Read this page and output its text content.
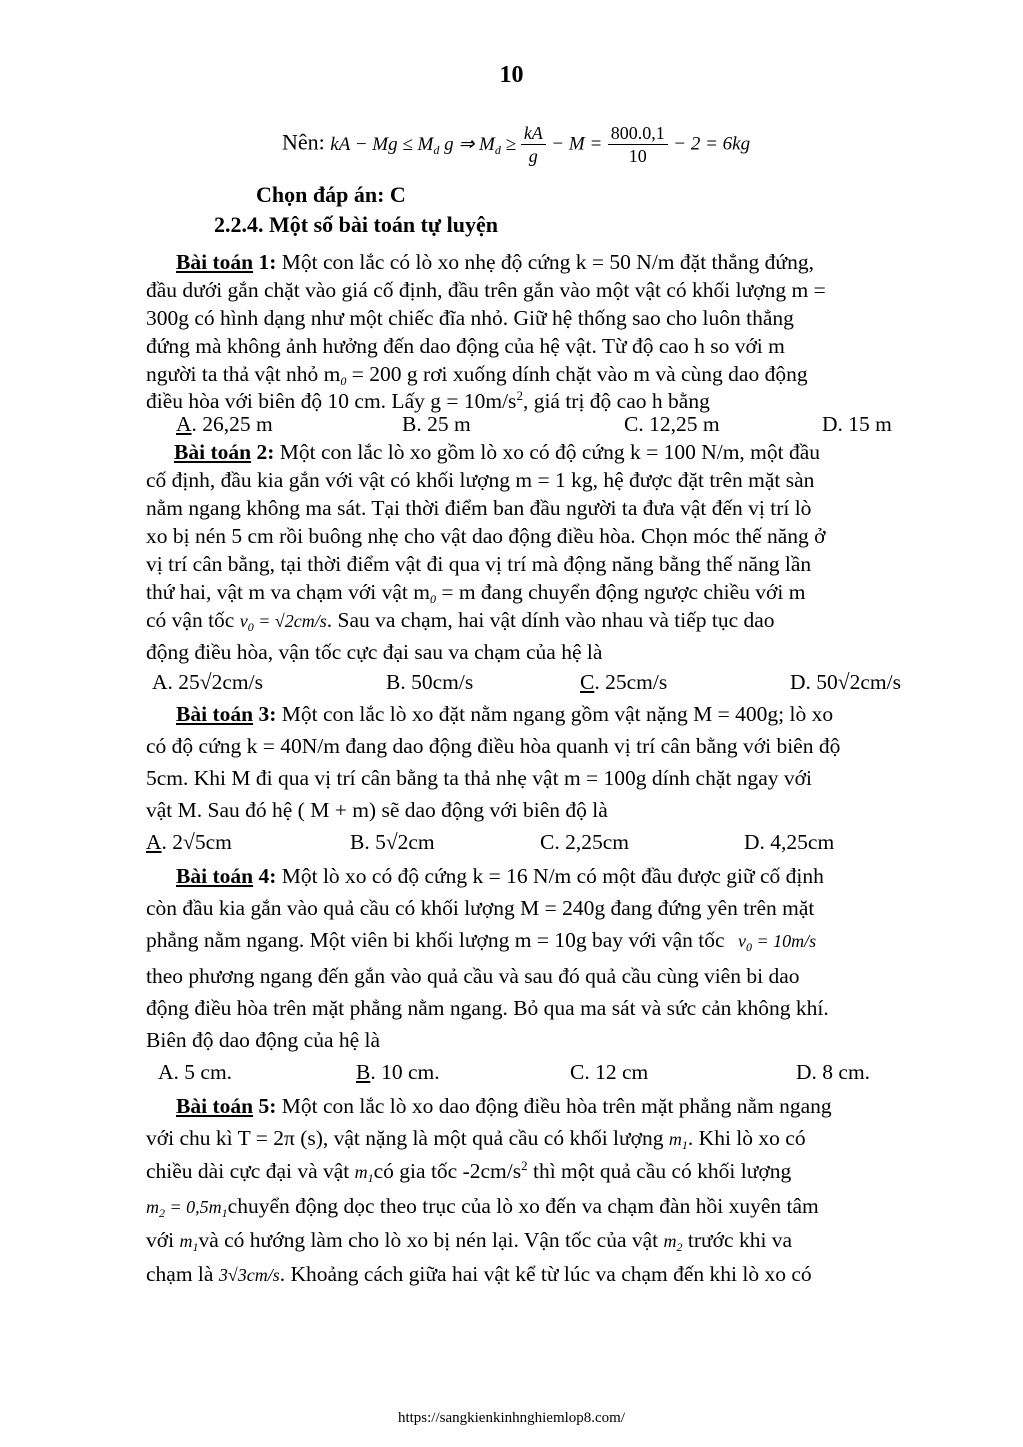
10
Nên: kA − $Mg \le M_d$ g ⇒ $M_d \ge \frac{kA}{g} - M = \frac{800.0,1}{10} - 2 = 6kg$
Chọn đáp án: C
2.2.4. Một số bài toán tự luyện
Bài toán 1: Một con lắc có lò xo nhẹ độ cứng k = 50 N/m đặt thẳng đứng,
đầu dưới gắn chặt vào giá cố định, đầu trên gắn vào một vật có khối lượng m =
300g có hình dạng như một chiếc đĩa nhỏ. Giữ hệ thống sao cho luôn thẳng
đứng mà không ảnh hưởng đến dao động của hệ vật. Từ độ cao h so với m
người ta thả vật nhỏ $m_0 = 200$ g rơi xuống dính chặt vào m và cùng dao động
điều hòa với biên độ 10 cm. Lấy $g = 10m/s^2$, giá trị độ cao h bằng
A. 26,25 m	B. 25 m	C. 12,25 m	D. 15 m
Bài toán 2: Một con lắc lò xo gồm lò xo có độ cứng k = 100 N/m, một đầu
cố định, đầu kia gắn với vật có khối lượng m = 1 kg, hệ được đặt trên mặt sàn
nằm ngang không ma sát. Tại thời điểm ban đầu người ta đưa vật đến vị trí lò
xo bị nén 5 cm rồi buông nhẹ cho vật dao động điều hòa. Chọn móc thế năng ở
vị trí cân bằng, tại thời điểm vật đi qua vị trí mà động năng bằng thế năng lần
thứ hai, vật m va chạm với vật $m_0 = m$ đang chuyển động ngược chiều với m
có vận tốc $v_0 = √2cm/s$. Sau va chạm, hai vật dính vào nhau và tiếp tục dao
động điều hòa, vận tốc cực đại sau va chạm của hệ là
A. 25√2cm/s	B. 50cm/s	C. 25cm/s	D. 50√2cm/s
Bài toán 3: Một con lắc lò xo đặt nằm ngang gồm vật nặng M = 400g; lò xo
có độ cứng k = 40N/m đang dao động điều hòa quanh vị trí cân bằng với biên độ
5cm. Khi M đi qua vị trí cân bằng ta thả nhẹ vật m = 100g dính chặt ngay với
vật M. Sau đó hệ ( M + m) sẽ dao động với biên độ là
A. 2√5cm	B. 5√2cm	C. 2,25cm	D. 4,25cm
Bài toán 4: Một lò xo có độ cứng k = 16 N/m có một đầu được giữ cố định
còn đầu kia gắn vào quả cầu có khối lượng M = 240g đang đứng yên trên mặt
phẳng nằm ngang. Một viên bi khối lượng m = 10g bay với vận tốc $v_0 = 10m/s$
theo phương ngang đến gắn vào quả cầu và sau đó quả cầu cùng viên bi dao
động điều hòa trên mặt phẳng nằm ngang. Bỏ qua ma sát và sức cản không khí.
Biên độ dao động của hệ là
A. 5 cm.	B. 10 cm.	C. 12 cm	D. 8 cm.
Bài toán 5: Một con lắc lò xo dao động điều hòa trên mặt phẳng nằm ngang
với chu kì T = 2π (s), vật nặng là một quả cầu có khối lượng $m_1$. Khi lò xo có
chiều dài cực đại và vật $m_1có$ gia tốc $-2cm/s^2$ thì một quả cầu có khối lượng
$m_2$ = $0,5m_1chuyển$ động dọc theo trục của lò xo đến va chạm đàn hồi xuyên tâm
với $m_1và$ có hướng làm cho lò xo bị nén lại. Vận tốc của vật $m_2$ trước khi va
chạm là 3√3cm/s. Khoảng cách giữa hai vật kể từ lúc va chạm đến khi lò xo có
https://sangkienkinhnghiemlop8.com/
